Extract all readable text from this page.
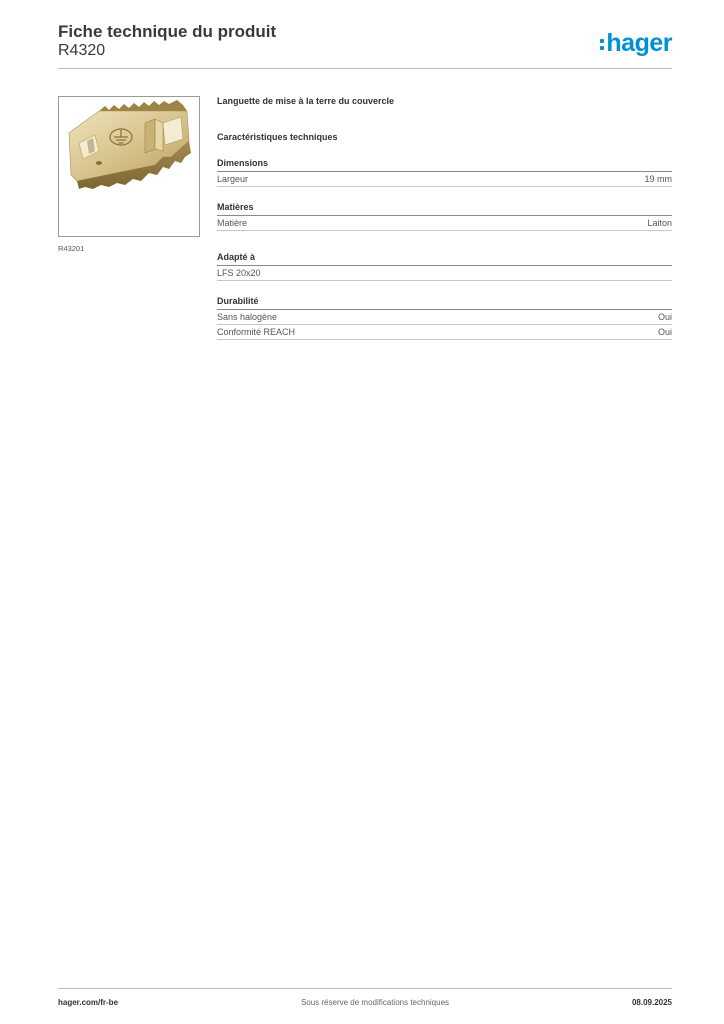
Fiche technique du produit

R4320	hager
R43201

Languette de mise à la terre du couvercle

Caractéristiques techniques

Dimensions
Largeur	19 mm
Matières
Matière	Laiton
Adapté à
LFS 20x20
Durabilité
Sans halogène	Oui
Conformité REACH	Oui
hager.com/fr-be	Sous réserve de modifications techniques	08.09.2025
